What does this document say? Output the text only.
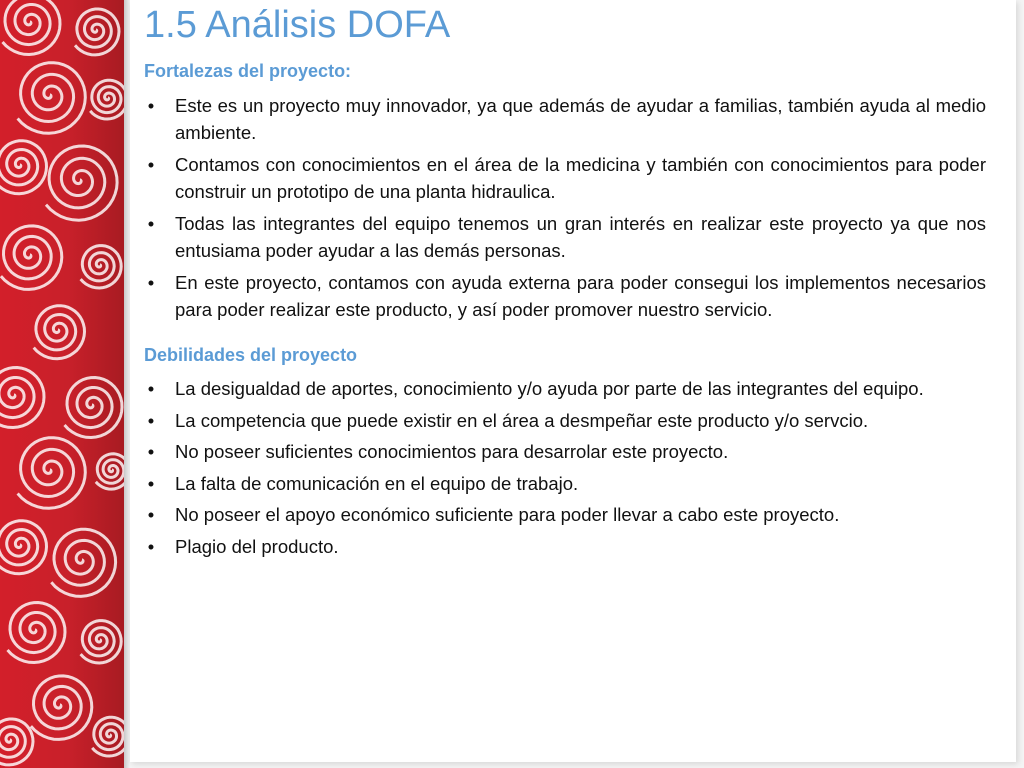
1.5 Análisis DOFA
Fortalezas del proyecto:
• Este es un proyecto muy innovador, ya que además de ayudar a familias, también ayuda al medio ambiente.
• Contamos con conocimientos en el área de la medicina y también con conocimientos para poder construir un prototipo de una planta hidraulica.
• Todas las integrantes del equipo tenemos un gran interés en realizar este proyecto ya que nos entusiama poder ayudar a las demás personas.
• En este proyecto, contamos con ayuda externa para poder consegui los implementos necesarios para poder realizar este producto, y así poder promover nuestro servicio.
Debilidades del proyecto
• La desigualdad de aportes, conocimiento y/o ayuda por parte de las integrantes del equipo.
• La competencia que puede existir en el área a desmpeñar este producto y/o servcio.
• No poseer suficientes conocimientos para desarrolar este proyecto.
• La falta de comunicación en el equipo de trabajo.
• No poseer el apoyo económico suficiente para poder llevar a cabo este proyecto.
• Plagio del producto.
